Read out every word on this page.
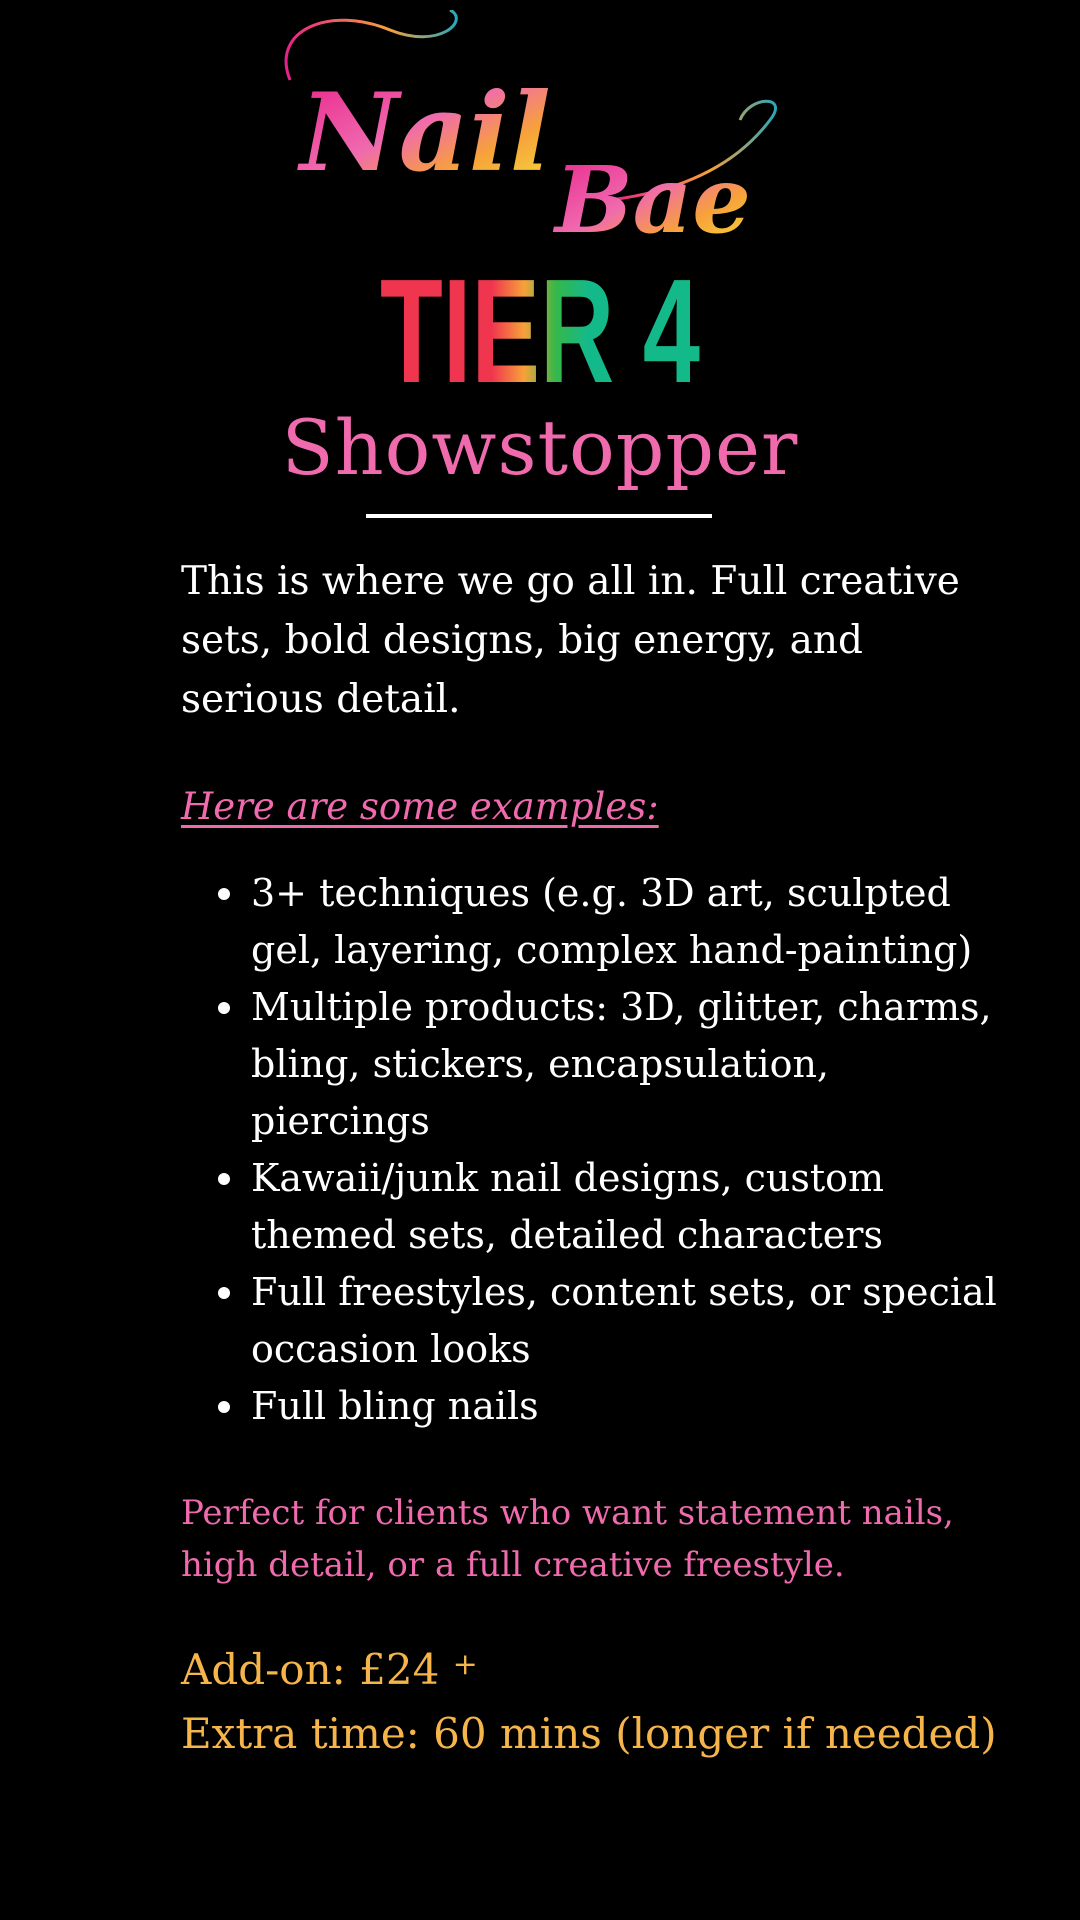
Nail
Bae
TIER 4
Showstopper

This is where we go all in. Full creative sets, bold designs, big energy, and serious detail.

Here are some examples:

3+ techniques (e.g. 3D art, sculpted gel, layering, complex hand-painting)
Multiple products: 3D, glitter, charms, bling, stickers, encapsulation, piercings
Kawaii/junk nail designs, custom themed sets, detailed characters
Full freestyles, content sets, or special occasion looks
Full bling nails

Perfect for clients who want statement nails, high detail, or a full creative freestyle.

Add-on: £24 +
Extra time: 60 mins (longer if needed)
